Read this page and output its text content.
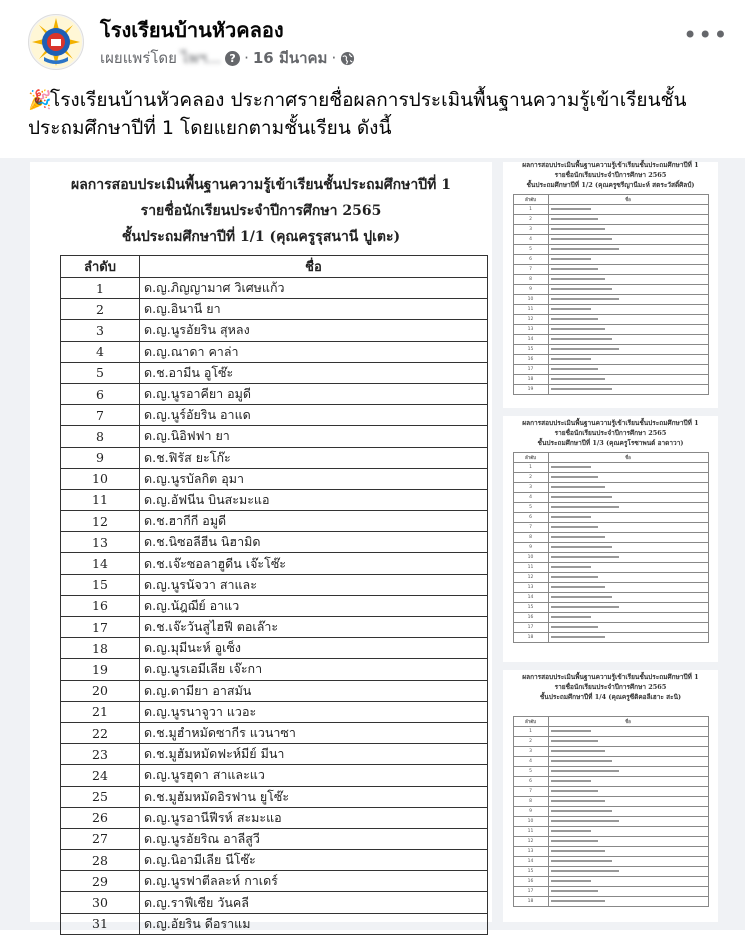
โรงเรียนบ้านหัวคลอง
เผยแพร่โดย ไพฯ... ? · 16 มีนาคม ·
•••
🎉โรงเรียนบ้านหัวคลอง ประกาศรายชื่อผลการประเมินพื้นฐานความรู้เข้าเรียนชั้นประถมศึกษาปีที่ 1 โดยแยกตามชั้นเรียน ดังนี้
ผลการสอบประเมินพื้นฐานความรู้เข้าเรียนชั้นประถมศึกษาปีที่ 1
รายชื่อนักเรียนประจำปีการศึกษา 2565
ชั้นประถมศึกษาปีที่ 1/1 (คุณครูรุสนานี ปูเตะ)
ลำดับ	ชื่อ
1	ด.ญ.ภิญญามาศ วิเศษแก้ว
2	ด.ญ.อินานี ยา
3	ด.ญ.นูรอัยริน สุหลง
4	ด.ญ.ณาดา คาล่า
5	ด.ช.อามีน อูโซ๊ะ
6	ด.ญ.นูรอาคียา อมูดี
7	ด.ญ.นูร์อัยริน อาแด
8	ด.ญ.นิอิฟฟา ยา
9	ด.ช.ฟิรัส ยะโก๊ะ
10	ด.ญ.นูรบัลกิต อุมา
11	ด.ญ.อัฟนีน บินสะมะแอ
12	ด.ช.ฮากีกี อมูดี
13	ด.ช.นิซอลีฮีน นิฮามิด
14	ด.ช.เจ๊ะซอลาฮูดีน เจ๊ะโซ๊ะ
15	ด.ญ.นูรนัจวา สาและ
16	ด.ญ.นัฎฌีย์ อาแว
17	ด.ช.เจ๊ะวันสูไฮฟี ตอเล๊าะ
18	ด.ญ.มุมีนะห์ อูเซ็ง
19	ด.ญ.นูรเอมีเลีย เจ๊ะกา
20	ด.ญ.ดามียา อาสมัน
21	ด.ญ.นูรนาจูวา แวอะ
22	ด.ช.มูฮำหมัดซากีร แวนาซา
23	ด.ช.มูฮัมหมัดฟะห์มีย์ มีนา
24	ด.ญ.นูรฮุดา สาและแว
25	ด.ช.มูฮัมหมัดอิรฟาน ยูโซ๊ะ
26	ด.ญ.นูรอานีฟีรห์ สะมะแอ
27	ด.ญ.นูรอัยริณ อาลีสูวี
28	ด.ญ.นิอามีเลีย นีโซ๊ะ
29	ด.ญ.นูรฟาตีลละห์ กาเดร์
30	ด.ญ.ราฟีเซีย วันคลี
31	ด.ญ.อัยริน ดีอราแม
ผลการสอบประเมินพื้นฐานความรู้เข้าเรียนชั้นประถมศึกษาปีที่ 1
รายชื่อนักเรียนประจำปีการศึกษา 2565
ชั้นประถมศึกษาปีที่ 1/2 (คุณครูซรีญานีมะห์ สตระวัสดิ์ศิลป์)
ลำดับ	ชื่อ
1	
2	
3	
4	
5	
6	
7	
8	
9	
10	
11	
12	
13	
14	
15	
16	
17	
18	
19	
ผลการสอบประเมินพื้นฐานความรู้เข้าเรียนชั้นประถมศึกษาปีที่ 1
รายชื่อนักเรียนประจำปีการศึกษา 2565
ชั้นประถมศึกษาปีที่ 1/3 (คุณครูโรซาพนต์ อาดาวา)
ลำดับ	ชื่อ
1	
2	
3	
4	
5	
6	
7	
8	
9	
10	
11	
12	
13	
14	
15	
16	
17	
18	
ผลการสอบประเมินพื้นฐานความรู้เข้าเรียนชั้นประถมศึกษาปีที่ 1
รายชื่อนักเรียนประจำปีการศึกษา 2565
ชั้นประถมศึกษาปีที่ 1/4 (คุณครูซีติคอลีเฮาะ สะนิ)
ลำดับ	ชื่อ
1	
2	
3	
4	
5	
6	
7	
8	
9	
10	
11	
12	
13	
14	
15	
16	
17	
18	
